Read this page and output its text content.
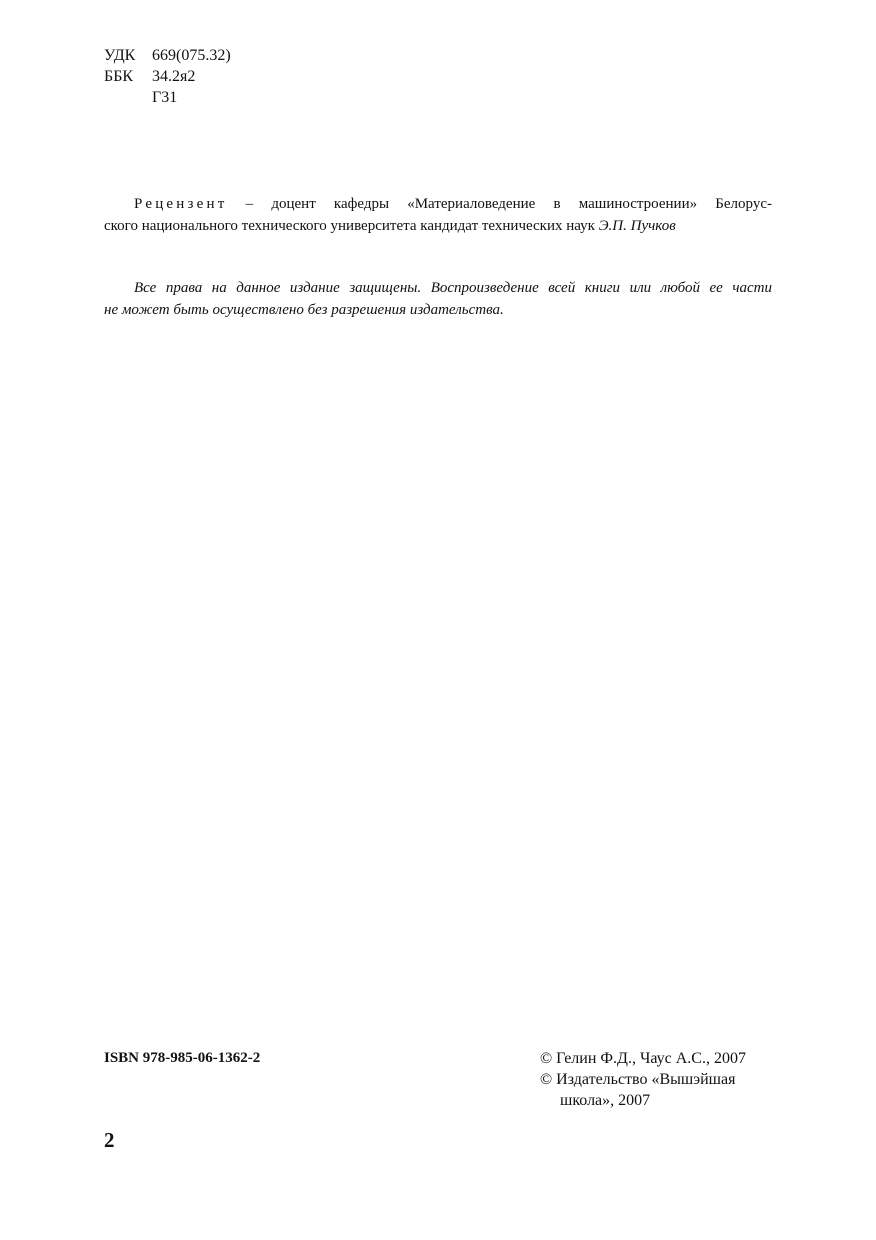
УДК	669(075.32)
ББК	34.2я2
Г31
Рецензент – доцент кафедры «Материаловедение в машиностроении» Белорус-
ского национального технического университета кандидат технических наук Э.П. Пучков
Все права на данное издание защищены. Воспроизведение всей книги или любой ее части
не может быть осуществлено без разрешения издательства.
ISBN 978-985-06-1362-2	© Гелин Ф.Д., Чаус А.С., 2007
© Издательство «Вышэйшая
школа», 2007
2
